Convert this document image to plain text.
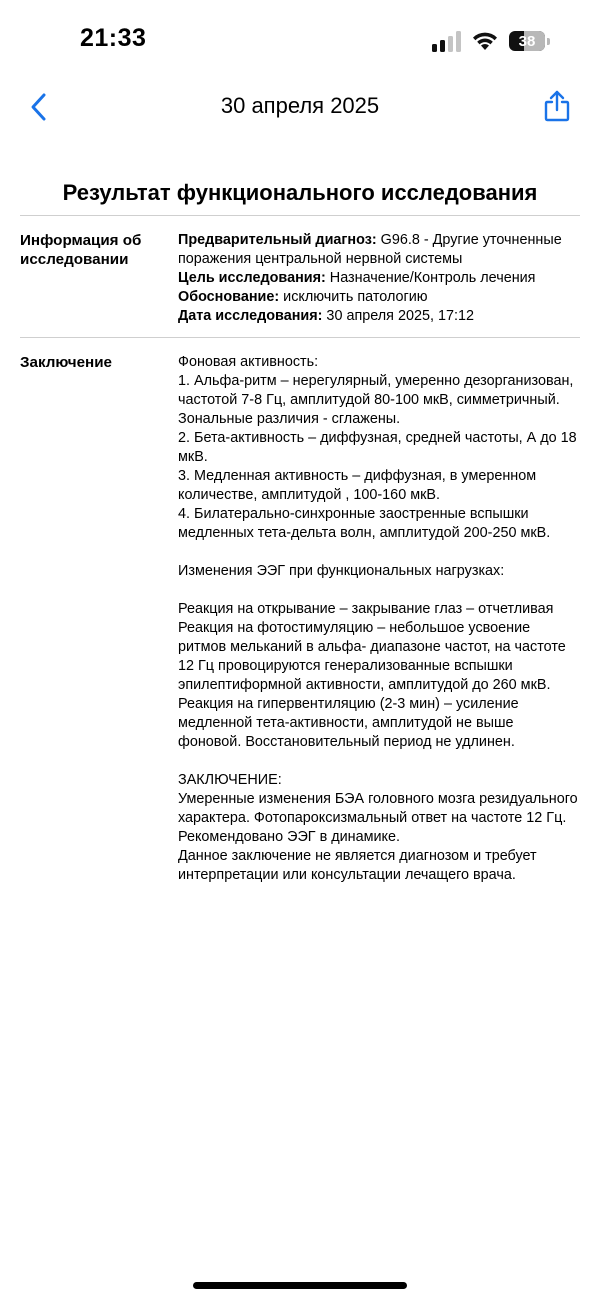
21:33	38
30 апреля 2025
Результат функционального исследования
Информация об исследовании
Предварительный диагноз: G96.8 - Другие уточненные поражения центральной нервной системы
Цель исследования: Назначение/Контроль лечения
Обоснование: исключить патологию
Дата исследования: 30 апреля 2025, 17:12
Заключение	Фоновая активность:
1. Альфа-ритм – нерегулярный, умеренно дезорганизован, частотой 7-8 Гц, амплитудой 80-100 мкВ, симметричный. Зональные различия - сглажены.
2. Бета-активность – диффузная, средней частоты, А до 18 мкВ.
3. Медленная активность – диффузная, в умеренном количестве, амплитудой , 100-160 мкВ.
4. Билатерально-синхронные заостренные вспышки медленных тета-дельта волн, амплитудой 200-250 мкВ.
Изменения ЭЭГ при функциональных нагрузках:
Реакция на открывание – закрывание глаз – отчетливая
Реакция на фотостимуляцию – небольшое усвоение ритмов мельканий в альфа- диапазоне частот, на частоте 12 Гц провоцируются генерализованные вспышки эпилептиформной активности, амплитудой до 260 мкВ.
Реакция на гипервентиляцию (2-3 мин) – усиление медленной тета-активности, амплитудой не выше фоновой. Восстановительный период не удлинен.
ЗАКЛЮЧЕНИЕ:
Умеренные изменения БЭА головного мозга резидуального характера. Фотопароксизмальный ответ на частоте 12 Гц.
Рекомендовано ЭЭГ в динамике.
Данное заключение не является диагнозом и требует интерпретации или консультации лечащего врача.
